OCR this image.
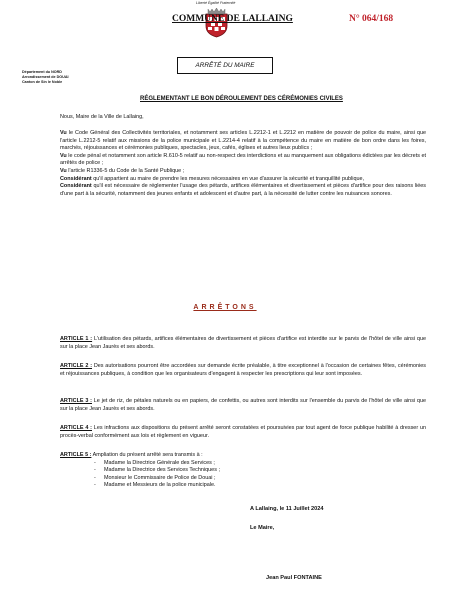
Liberté Égalité Fraternité
COMMUNE DE LALLAING	N° 064/168
ARRÊTÉ DU MAIRE
Département du NORD
Arrondissement de DOUAI
Canton de Sin le Noble
RÉGLEMENTANT LE BON DÉROULEMENT DES CÉRÉMONIES CIVILES
Nous, Maire de la Ville de Lallaing,
Vu le Code Général des Collectivités territoriales, et notamment ses articles L.2212-1 et L.2212 en matière de pouvoir de police du maire, ainsi que l'article L.2212-5 relatif aux missions de la police municipale et L.2214-4 relatif à la compétence du maire en matière de bon ordre dans les foires, marchés, réjouissances et cérémonies publiques, spectacles, jeux, cafés, églises et autres lieux publics ;
Vu le code pénal et notamment son article R.610-5 relatif au non-respect des interdictions et au manquement aux obligations édictées par les décrets et arrêtés de police ;
Vu l'article R1336-5 du Code de la Santé Publique ;
Considérant qu'il appartient au maire de prendre les mesures nécessaires en vue d'assurer la sécurité et tranquillité publique,
Considérant qu'il est nécessaire de réglementer l'usage des pétards, artifices élémentaires et divertissement et pièces d'artifice pour des raisons liées d'une part à la sécurité, notamment des jeunes enfants et adolescent et d'autre part, à la nécessité de lutter contre les nuisances sonores.
ARRÊTONS
ARTICLE 1 : L'utilisation des pétards, artifices élémentaires de divertissement et pièces d'artifice est interdite sur le parvis de l'hôtel de ville ainsi que sur la place Jean Jaurès et ses abords.
ARTICLE 2 : Des autorisations pourront être accordées sur demande écrite préalable, à titre exceptionnel à l'occasion de certaines fêtes, cérémonies et réjouissances publiques, à condition que les organisateurs d'engagent à respecter les prescriptions qui leur sont imposées.
ARTICLE 3 : Le jet de riz, de pétales naturels ou en papiers, de confettis, ou autres sont interdits sur l'ensemble du parvis de l'hôtel de ville ainsi que sur la place Jean Jaurès et ses abords.
ARTICLE 4 : Les infractions aux dispositions du présent arrêté seront constatées et poursuivies par tout agent de force publique habilité à dresser un procès-verbal conformément aux lois et règlement en vigueur.
ARTICLE 5 : Ampliation du présent arrêté sera transmis à :
- Madame la Directrice Générale des Services ;
- Madame la Directrice des Services Techniques ;
- Monsieur le Commissaire de Police de Douai ;
- Madame et Messieurs de la police municipale.
A Lallaing, le 11 Juillet 2024
Le Maire,
Jean Paul FONTAINE
